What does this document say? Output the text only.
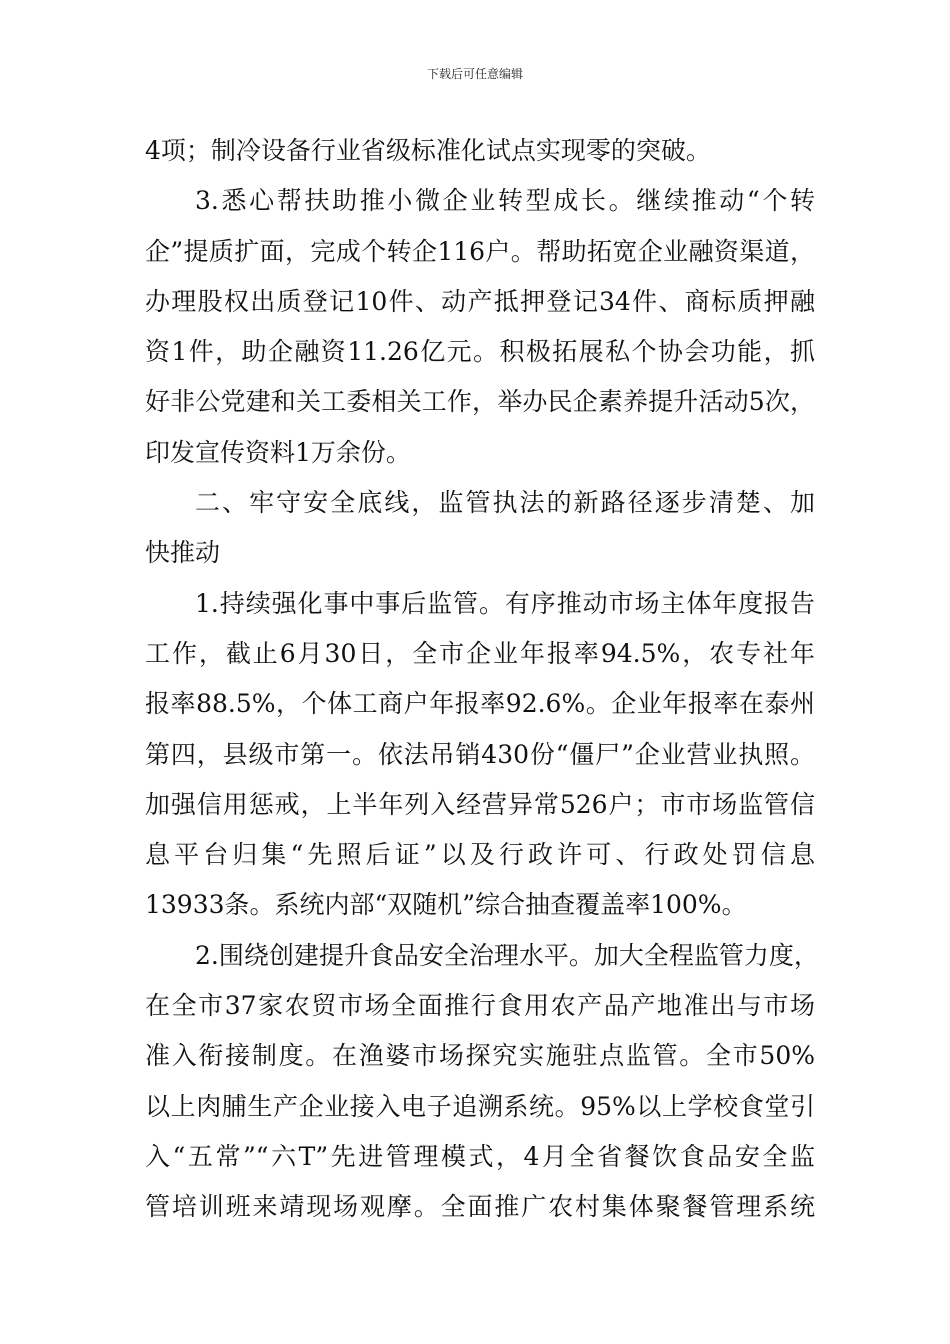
下载后可任意编辑
4项；制冷设备行业省级标准化试点实现零的突破。
3.悉心帮扶助推小微企业转型成长。继续推动“个转
企”提质扩面，完成个转企116户。帮助拓宽企业融资渠道，
办理股权出质登记10件、动产抵押登记34件、商标质押融
资1件，助企融资11.26亿元。积极拓展私个协会功能，抓
好非公党建和关工委相关工作，举办民企素养提升活动5次，
印发宣传资料1万余份。
二、牢守安全底线，监管执法的新路径逐步清楚、加
快推动
1.持续强化事中事后监管。有序推动市场主体年度报告
工作，截止6月30日，全市企业年报率94.5%，农专社年
报率88.5%，个体工商户年报率92.6%。企业年报率在泰州
第四，县级市第一。依法吊销430份“僵尸”企业营业执照。
加强信用惩戒，上半年列入经营异常526户；市市场监管信
息平台归集“先照后证”以及行政许可、行政处罚信息
13933条。系统内部“双随机”综合抽查覆盖率100%。
2.围绕创建提升食品安全治理水平。加大全程监管力度，
在全市37家农贸市场全面推行食用农产品产地准出与市场
准入衔接制度。在渔婆市场探究实施驻点监管。全市50%
以上肉脯生产企业接入电子追溯系统。95%以上学校食堂引
入“五常”“六T”先进管理模式，4月全省餐饮食品安全监
管培训班来靖现场观摩。全面推广农村集体聚餐管理系统
